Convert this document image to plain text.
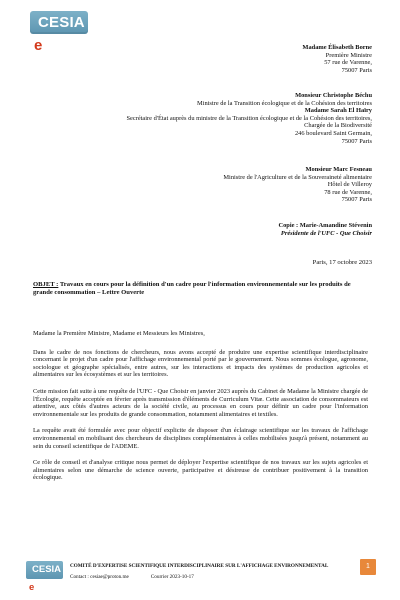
CESIA
e	Madame Élisabeth Borne
Première Ministre
57 rue de Varenne,
75007 Paris
Monsieur Christophe Béchu
Ministre de la Transition écologique et de la Cohésion des territoires
Madame Sarah El Haïry
Secrétaire d'État auprès du ministre de la Transition écologique et de la Cohésion des territoires,
Chargée de la Biodiversité
246 boulevard Saint Germain,
75007 Paris
Monsieur Marc Fesneau
Ministre de l'Agriculture et de la Souveraineté alimentaire
Hôtel de Villeroy
78 rue de Varenne,
75007 Paris
Copie : Marie-Amandine Stévenin
Présidente de l'UFC - Que Choisir
Paris, 17 octobre 2023
OBJET : Travaux en cours pour la définition d'un cadre pour l'information environnementale sur les produits de grande consommation – Lettre Ouverte

Madame la Première Ministre, Madame et Messieurs les Ministres,

Dans le cadre de nos fonctions de chercheurs, nous avons accepté de produire une expertise scientifique interdisciplinaire concernant le projet d'un cadre pour l'affichage environnemental porté par le gouvernement. Nous sommes écologue, agronome, sociologue et géographe spécialisés, entre autres, sur les interactions et impacts des systèmes de production agricoles et alimentaires sur les écosystèmes et sur les territoires.

Cette mission fait suite à une requête de l'UFC - Que Choisir en janvier 2023 auprès du Cabinet de Madame la Ministre chargée de l'Écologie, requête acceptée en février après transmission d'éléments de Curriculum Vitæ. Cette association de consommateurs est attentive, aux côtés d'autres acteurs de la société civile, au processus en cours pour définir un cadre pour l'information environnementale sur les produits de grande consommation, notamment alimentaires et textiles.

La requête avait été formulée avec pour objectif explicite de disposer d'un éclairage scientifique sur les travaux de l'affichage environnemental en mobilisant des chercheurs de disciplines complémentaires à celles mobilisées jusqu'à présent, notamment au sein du conseil scientifique de l'ADEME.

Ce rôle de conseil et d'analyse critique nous permet de déployer l'expertise scientifique de nos travaux sur les sujets agricoles et alimentaires selon une démarche de science ouverte, participative et désireuse de contribuer positivement à la transition écologique.

CESIA
e
COMITÉ D'EXPERTISE SCIENTIFIQUE INTERDISCIPLINAIRE SUR L'AFFICHAGE ENVIRONNEMENTAL
Contact : cesiae@proton.me	Courrier 2023-10-17
1
